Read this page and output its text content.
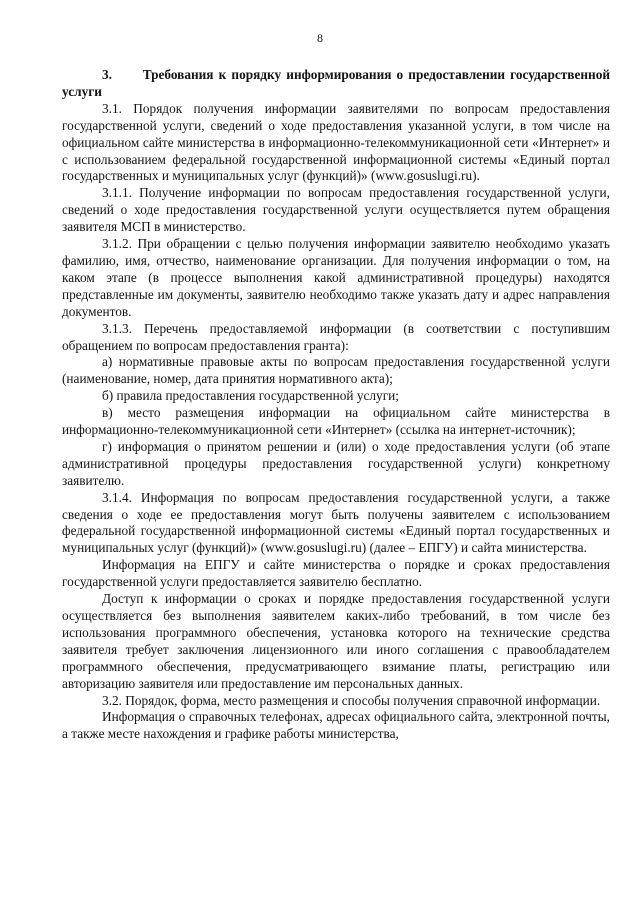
8

3.      Требования к порядку информирования о предоставлении государственной услуги

3.1. Порядок получения информации заявителями по вопросам предоставления государственной услуги, сведений о ходе предоставления указанной услуги, в том числе на официальном сайте министерства в информационно-телекоммуникационной сети «Интернет» и с использованием федеральной государственной информационной системы «Единый портал государственных и муниципальных услуг (функций)» (www.gosuslugi.ru).

3.1.1. Получение информации по вопросам предоставления государственной услуги, сведений о ходе предоставления государственной услуги осуществляется путем обращения заявителя МСП в министерство.

3.1.2. При обращении с целью получения информации заявителю необходимо указать фамилию, имя, отчество, наименование организации. Для получения информации о том, на каком этапе (в процессе выполнения какой административной процедуры) находятся представленные им документы, заявителю необходимо также указать дату и адрес направления документов.

3.1.3. Перечень предоставляемой информации (в соответствии с поступившим обращением по вопросам предоставления гранта):

а) нормативные правовые акты по вопросам предоставления государственной услуги (наименование, номер, дата принятия нормативного акта);

б) правила предоставления государственной услуги;

в) место размещения информации на официальном сайте министерства в информационно-телекоммуникационной сети «Интернет» (ссылка на интернет-источник);

г) информация о принятом решении и (или) о ходе предоставления услуги (об этапе административной процедуры предоставления государственной услуги) конкретному заявителю.

3.1.4. Информация по вопросам предоставления государственной услуги, а также сведения о ходе ее предоставления могут быть получены заявителем с использованием федеральной государственной информационной системы «Единый портал государственных и муниципальных услуг (функций)» (www.gosuslugi.ru) (далее – ЕПГУ) и сайта министерства.

Информация на ЕПГУ и сайте министерства о порядке и сроках предоставления государственной услуги предоставляется заявителю бесплатно.

Доступ к информации о сроках и порядке предоставления государственной услуги осуществляется без выполнения заявителем каких-либо требований, в том числе без использования программного обеспечения, установка которого на технические средства заявителя требует заключения лицензионного или иного соглашения с правообладателем программного обеспечения, предусматривающего взимание платы, регистрацию или авторизацию заявителя или предоставление им персональных данных.

3.2. Порядок, форма, место размещения и способы получения справочной информации.

Информация о справочных телефонах, адресах официального сайта, электронной почты, а также месте нахождения и графике работы министерства,
